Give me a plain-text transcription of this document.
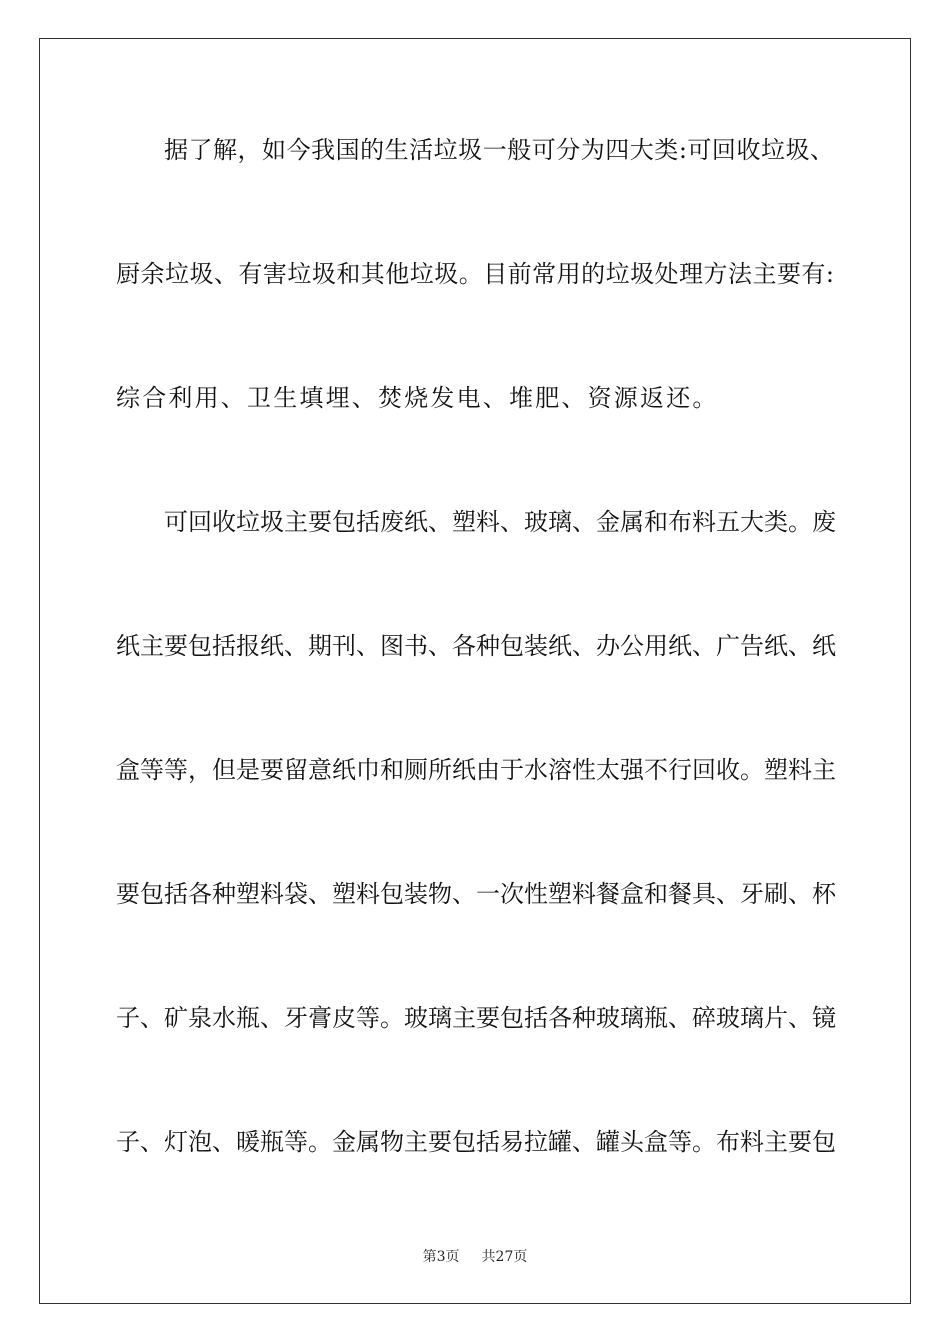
据了解，如今我国的生活垃圾一般可分为四大类:可回收垃圾、
厨余垃圾、有害垃圾和其他垃圾。目前常用的垃圾处理方法主要有:
综合利用、卫生填埋、焚烧发电、堆肥、资源返还。
可回收垃圾主要包括废纸、塑料、玻璃、金属和布料五大类。废
纸主要包括报纸、期刊、图书、各种包装纸、办公用纸、广告纸、纸
盒等等，但是要留意纸巾和厕所纸由于水溶性太强不行回收。塑料主
要包括各种塑料袋、塑料包装物、一次性塑料餐盒和餐具、牙刷、杯
子、矿泉水瓶、牙膏皮等。玻璃主要包括各种玻璃瓶、碎玻璃片、镜
子、灯泡、暖瓶等。金属物主要包括易拉罐、罐头盒等。布料主要包
第3页 共27页
